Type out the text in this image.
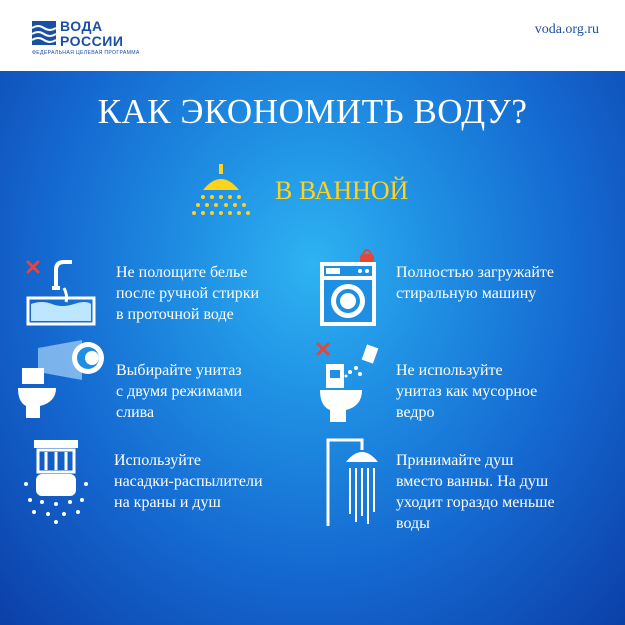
ВОДА
РОССИИ
ФЕДЕРАЛЬНАЯ ЦЕЛЕВАЯ ПРОГРАММА
voda.org.ru
КАК ЭКОНОМИТЬ ВОДУ?
В ВАННОЙ
Не полощите белье
после ручной стирки
в проточной воде
Выбирайте унитаз
с двумя режимами
слива
Используйте
насадки-распылители
на краны и душ
Полностью загружайте
стиральную машину
Не используйте
унитаз как мусорное
ведро
Принимайте душ
вместо ванны. На душ
уходит гораздо меньше
воды
